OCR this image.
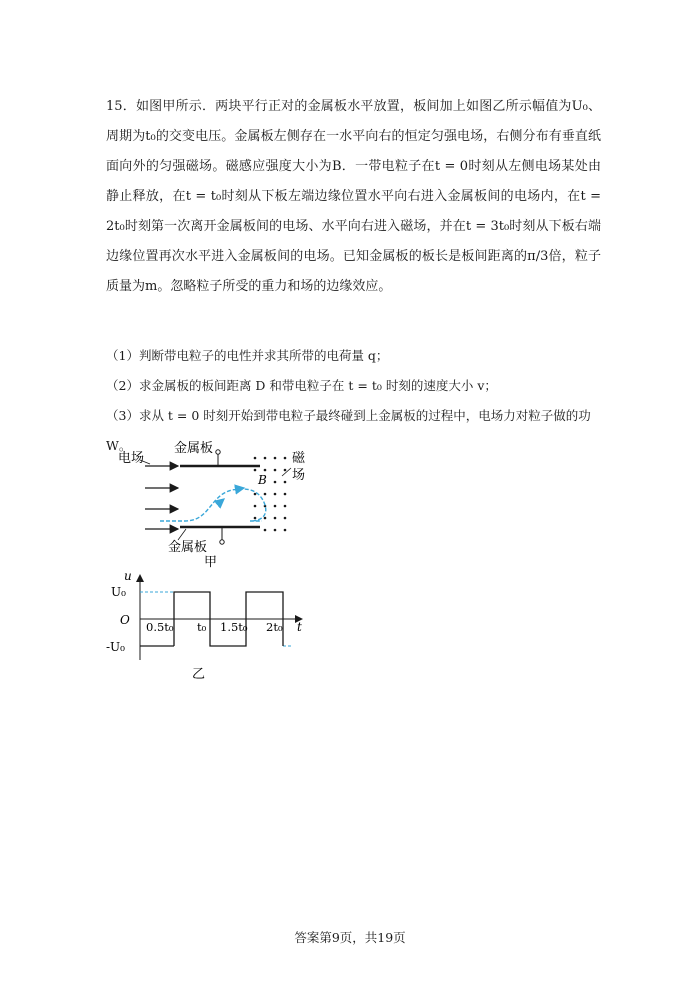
15．如图甲所示．两块平行正对的金属板水平放置，板间加上如图乙所示幅值为U₀、周期为t₀的交变电压。金属板左侧存在一水平向右的恒定匀强电场，右侧分布有垂直纸面向外的匀强磁场。磁感应强度大小为B．一带电粒子在t = 0时刻从左侧电场某处由静止释放，在t = t₀时刻从下板左端边缘位置水平向右进入金属板间的电场内，在t = 2t₀时刻第一次离开金属板间的电场、水平向右进入磁场，并在t = 3t₀时刻从下板右端边缘位置再次水平进入金属板间的电场。已知金属板的板长是板间距离的π/3倍，粒子质量为m。忽略粒子所受的重力和场的边缘效应。

（1）判断带电粒子的电性并求其所带的电荷量 q；

（2）求金属板的板间距离 D 和带电粒子在 t = t₀ 时刻的速度大小 v；

（3）求从 t = 0 时刻开始到带电粒子最终碰到上金属板的过程中，电场力对粒子做的功 W。

电场
金属板
金属板
B
磁
场
甲
u
t
O
U₀
-U₀
0.5t₀ t₀ 1.5t₀ 2t₀
乙
答案第9页，共19页
